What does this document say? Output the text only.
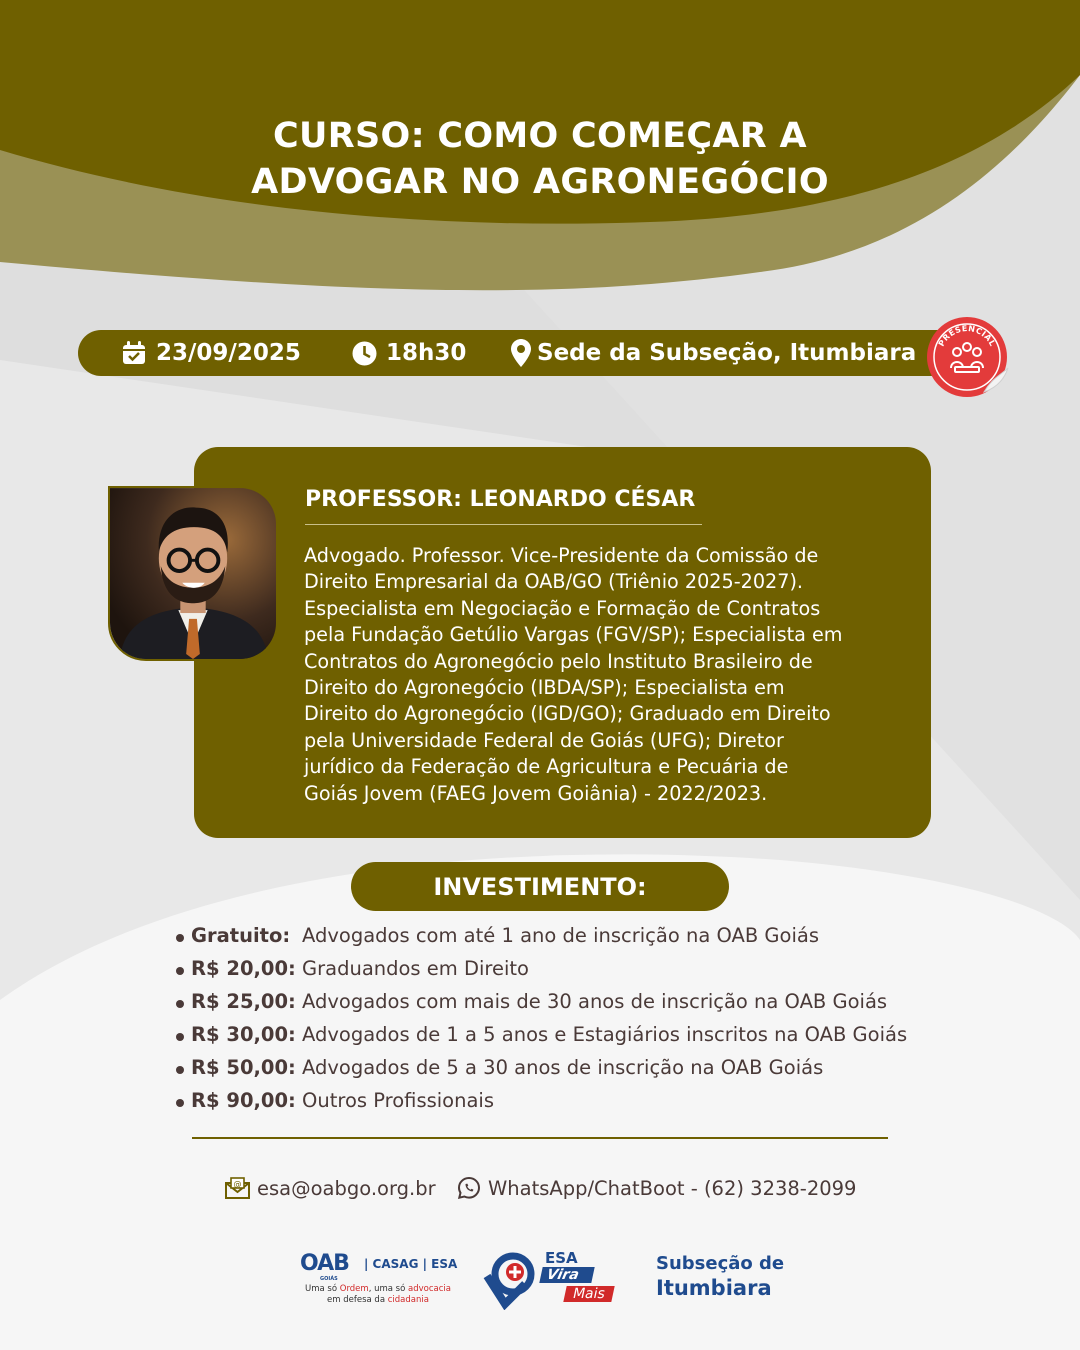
CURSO: COMO COMEÇAR A
ADVOGAR NO AGRONEGÓCIO
23/09/2025	18h30	Sede da Subseção, Itumbiara	PRESENCIAL
PROFESSOR: LEONARDO CÉSAR
Advogado. Professor. Vice-Presidente da Comissão de
Direito Empresarial da OAB/GO (Triênio 2025-2027).
Especialista em Negociação e Formação de Contratos
pela Fundação Getúlio Vargas (FGV/SP); Especialista em
Contratos do Agronegócio pelo Instituto Brasileiro de
Direito do Agronegócio (IBDA/SP); Especialista em
Direito do Agronegócio (IGD/GO); Graduado em Direito
pela Universidade Federal de Goiás (UFG); Diretor
jurídico da Federação de Agricultura e Pecuária de
Goiás Jovem (FAEG Jovem Goiânia) - 2022/2023.
INVESTIMENTO:
Gratuito: Advogados com até 1 ano de inscrição na OAB Goiás
R$ 20,00: Graduandos em Direito
R$ 25,00: Advogados com mais de 30 anos de inscrição na OAB Goiás
R$ 30,00: Advogados de 1 a 5 anos e Estagiários inscritos na OAB Goiás
R$ 50,00: Advogados de 5 a 30 anos de inscrição na OAB Goiás
R$ 90,00: Outros Profissionais
@ esa@oabgo.org.br	WhatsApp/ChatBoot - (62) 3238-2099
OAB
GOIÁS
| CASAG | ESA
Uma só Ordem, uma só advocacia
em defesa da cidadania
ESA
Vira
Mais
Subseção de
Itumbiara
